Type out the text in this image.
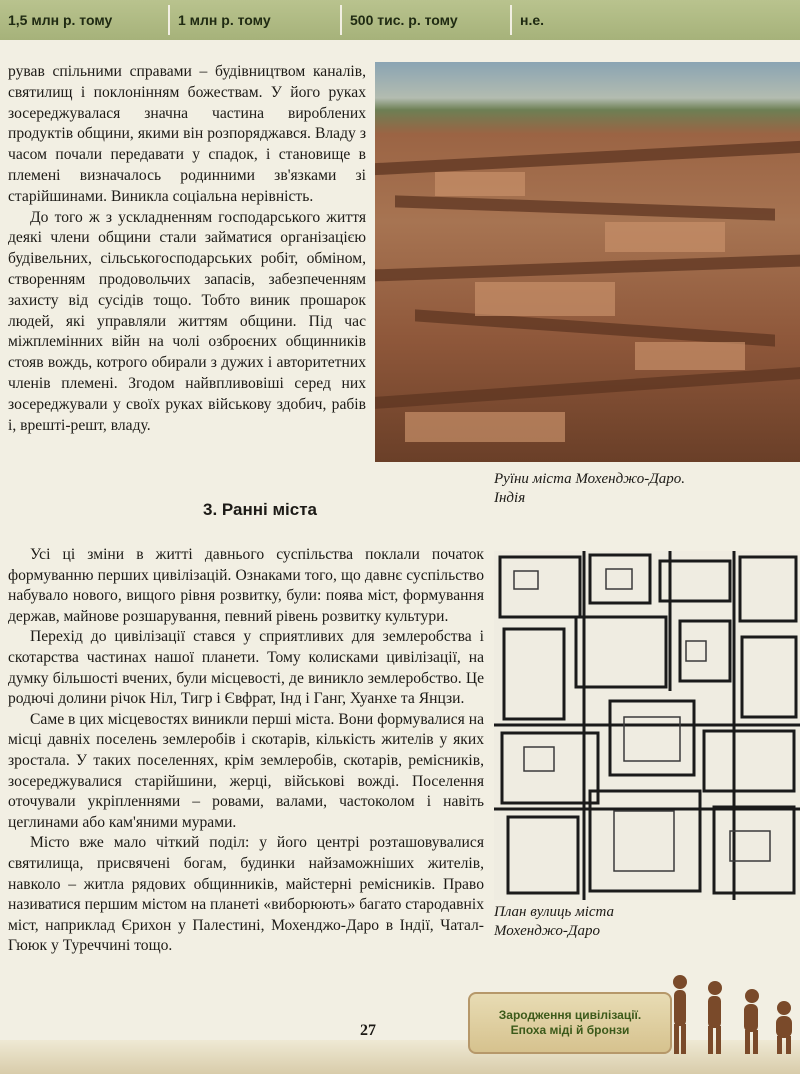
1,5 млн р. тому	1 млн р. тому	500 тис. р. тому	н.е.

рував спільними справами – будівництвом каналів, святилищ і поклонінням божествам. У його руках зосереджувалася значна частина вироблених продуктів общини, якими він розпоряджався. Владу з часом почали передавати у спадок, і становище в племені визначалось родинними зв'язками зі старійшинами. Виникла соціальна нерівність.

До того ж з ускладненням господарського життя деякі члени общини стали займатися організацією будівельних, сільськогосподарських робіт, обміном, створенням продовольчих запасів, забезпеченням захисту від сусідів тощо. Тобто виник прошарок людей, які управляли життям общини. Під час міжплемінних війн на чолі озброєних общинників стояв вождь, котрого обирали з дужих і авторитетних членів племені. Згодом найвпливовіші серед них зосереджували у своїх руках військову здобич, рабів і, врешті-решт, владу.

Руїни міста Мохенджо-Даро.
Індія
3. Ранні міста

Усі ці зміни в житті давнього суспільства поклали початок формуванню перших цивілізацій. Ознаками того, що давнє суспільство набувало нового, вищого рівня розвитку, були: поява міст, формування держав, майнове розшарування, певний рівень розвитку культури.

Перехід до цивілізації стався у сприятливих для землеробства і скотарства частинах нашої планети. Тому колисками цивілізації, на думку більшості вчених, були місцевості, де виникло землеробство. Це родючі долини річок Ніл, Тигр і Євфрат, Інд і Ганг, Хуанхе та Янцзи.

Саме в цих місцевостях виникли перші міста. Вони формувалися на місці давніх поселень землеробів і скотарів, кількість жителів у яких зростала. У таких поселеннях, крім землеробів, скотарів, ремісників, зосереджувалися старійшини, жерці, військові вожді. Поселення оточували укріпленнями – ровами, валами, частоколом і навіть цеглинами або кам'яними мурами.

Місто вже мало чіткий поділ: у його центрі розташовувалися святилища, присвячені богам, будинки найзаможніших жителів, навколо – житла рядових общинників, майстерні ремісників. Право називатися першим містом на планеті «виборюють» багато стародавніх міст, наприклад Єрихон у Палестині, Мохенджо-Даро в Індії, Чатал-Гююк у Туреччині тощо.

План вулиць міста
Мохенджо-Даро
27
Зародження цивілізації.
Епоха міді й бронзи
